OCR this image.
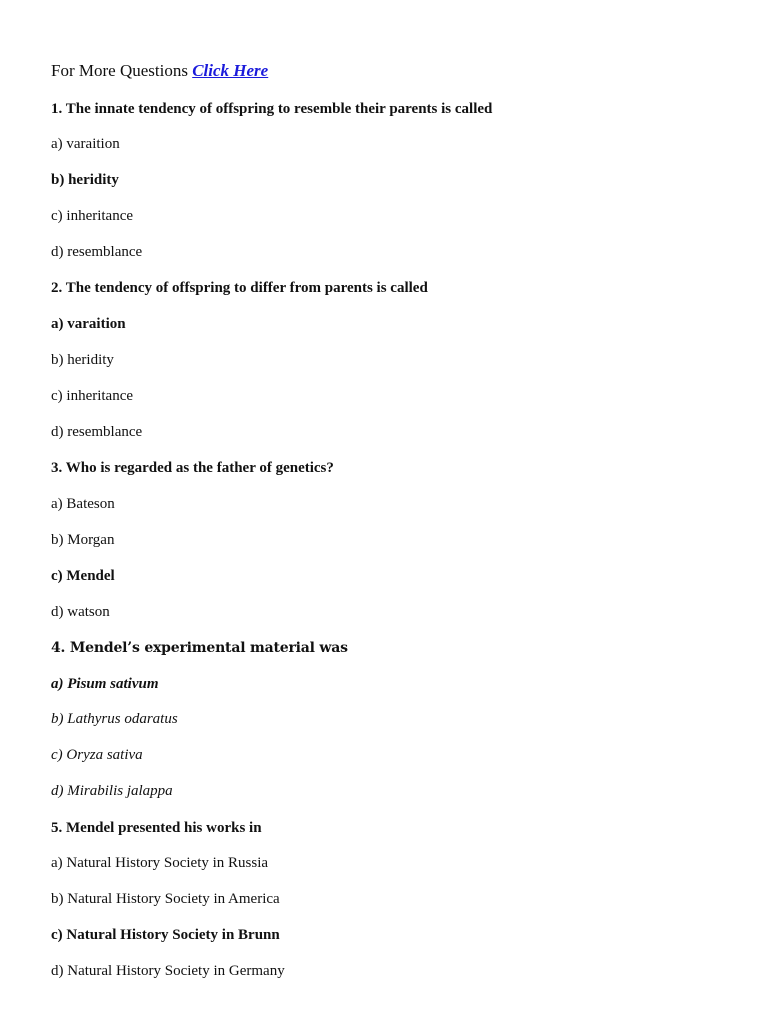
For More Questions Click Here
1. The innate tendency of offspring to resemble their parents is called
a) varaition
b) heridity
c) inheritance
d) resemblance
2. The tendency of offspring to differ from parents is called
a) varaition
b) heridity
c) inheritance
d) resemblance
3. Who is regarded as the father of genetics?
a) Bateson
b) Morgan
c) Mendel
d) watson
4. Mendel’s experimental material was
a) Pisum sativum
b) Lathyrus odaratus
c) Oryza sativa
d) Mirabilis jalappa
5. Mendel presented his works in
a) Natural History Society in Russia
b) Natural History Society in America
c) Natural History Society in Brunn
d) Natural History Society in Germany
